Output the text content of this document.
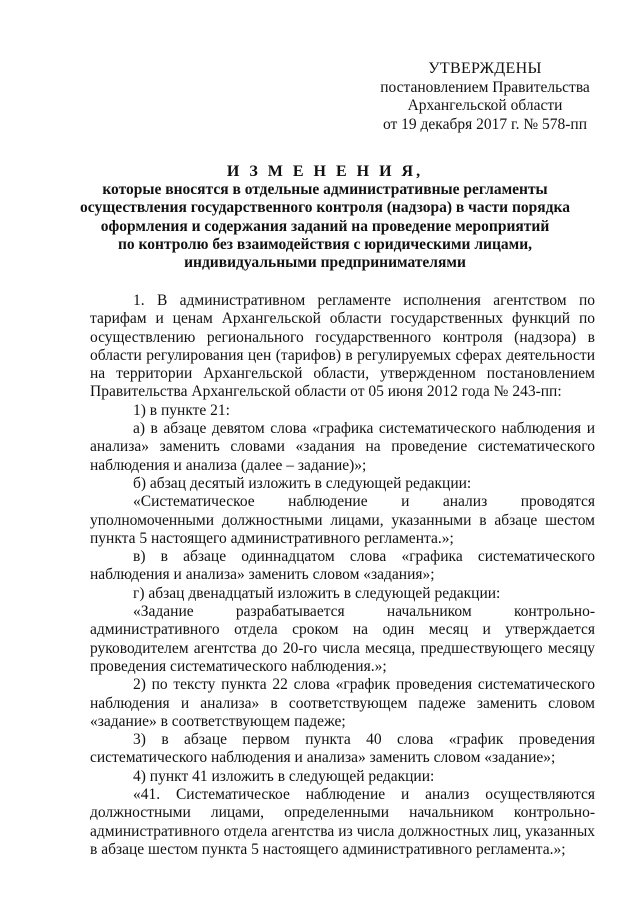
УТВЕРЖДЕНЫ
постановлением Правительства
Архангельской области
от 19 декабря 2017 г. № 578-пп
И З М Е Н Е Н И Я,
которые вносятся в отдельные административные регламенты
осуществления государственного контроля (надзора) в части порядка
оформления и содержания заданий на проведение мероприятий
по контролю без взаимодействия с юридическими лицами,
индивидуальными предпринимателями
1. В административном регламенте исполнения агентством по тарифам и ценам Архангельской области государственных функций по осуществлению регионального государственного контроля (надзора) в области регулирования цен (тарифов) в регулируемых сферах деятельности на территории Архангельской области, утвержденном постановлением Правительства Архангельской области от 05 июня 2012 года № 243-пп:
1) в пункте 21:
а) в абзаце девятом слова «графика систематического наблюдения и анализа» заменить словами «задания на проведение систематического наблюдения и анализа (далее – задание)»;
б) абзац десятый изложить в следующей редакции:
«Систематическое наблюдение и анализ проводятся уполномоченными должностными лицами, указанными в абзаце шестом пункта 5 настоящего административного регламента.»;
в) в абзаце одиннадцатом слова «графика систематического наблюдения и анализа» заменить словом «задания»;
г) абзац двенадцатый изложить в следующей редакции:
«Задание разрабатывается начальником контрольно-административного отдела сроком на один месяц и утверждается руководителем агентства до 20-го числа месяца, предшествующего месяцу проведения систематического наблюдения.»;
2) по тексту пункта 22 слова «график проведения систематического наблюдения и анализа» в соответствующем падеже заменить словом «задание» в соответствующем падеже;
3) в абзаце первом пункта 40 слова «график проведения систематического наблюдения и анализа» заменить словом «задание»;
4) пункт 41 изложить в следующей редакции:
«41. Систематическое наблюдение и анализ осуществляются должностными лицами, определенными начальником контрольно-административного отдела агентства из числа должностных лиц, указанных в абзаце шестом пункта 5 настоящего административного регламента.»;
